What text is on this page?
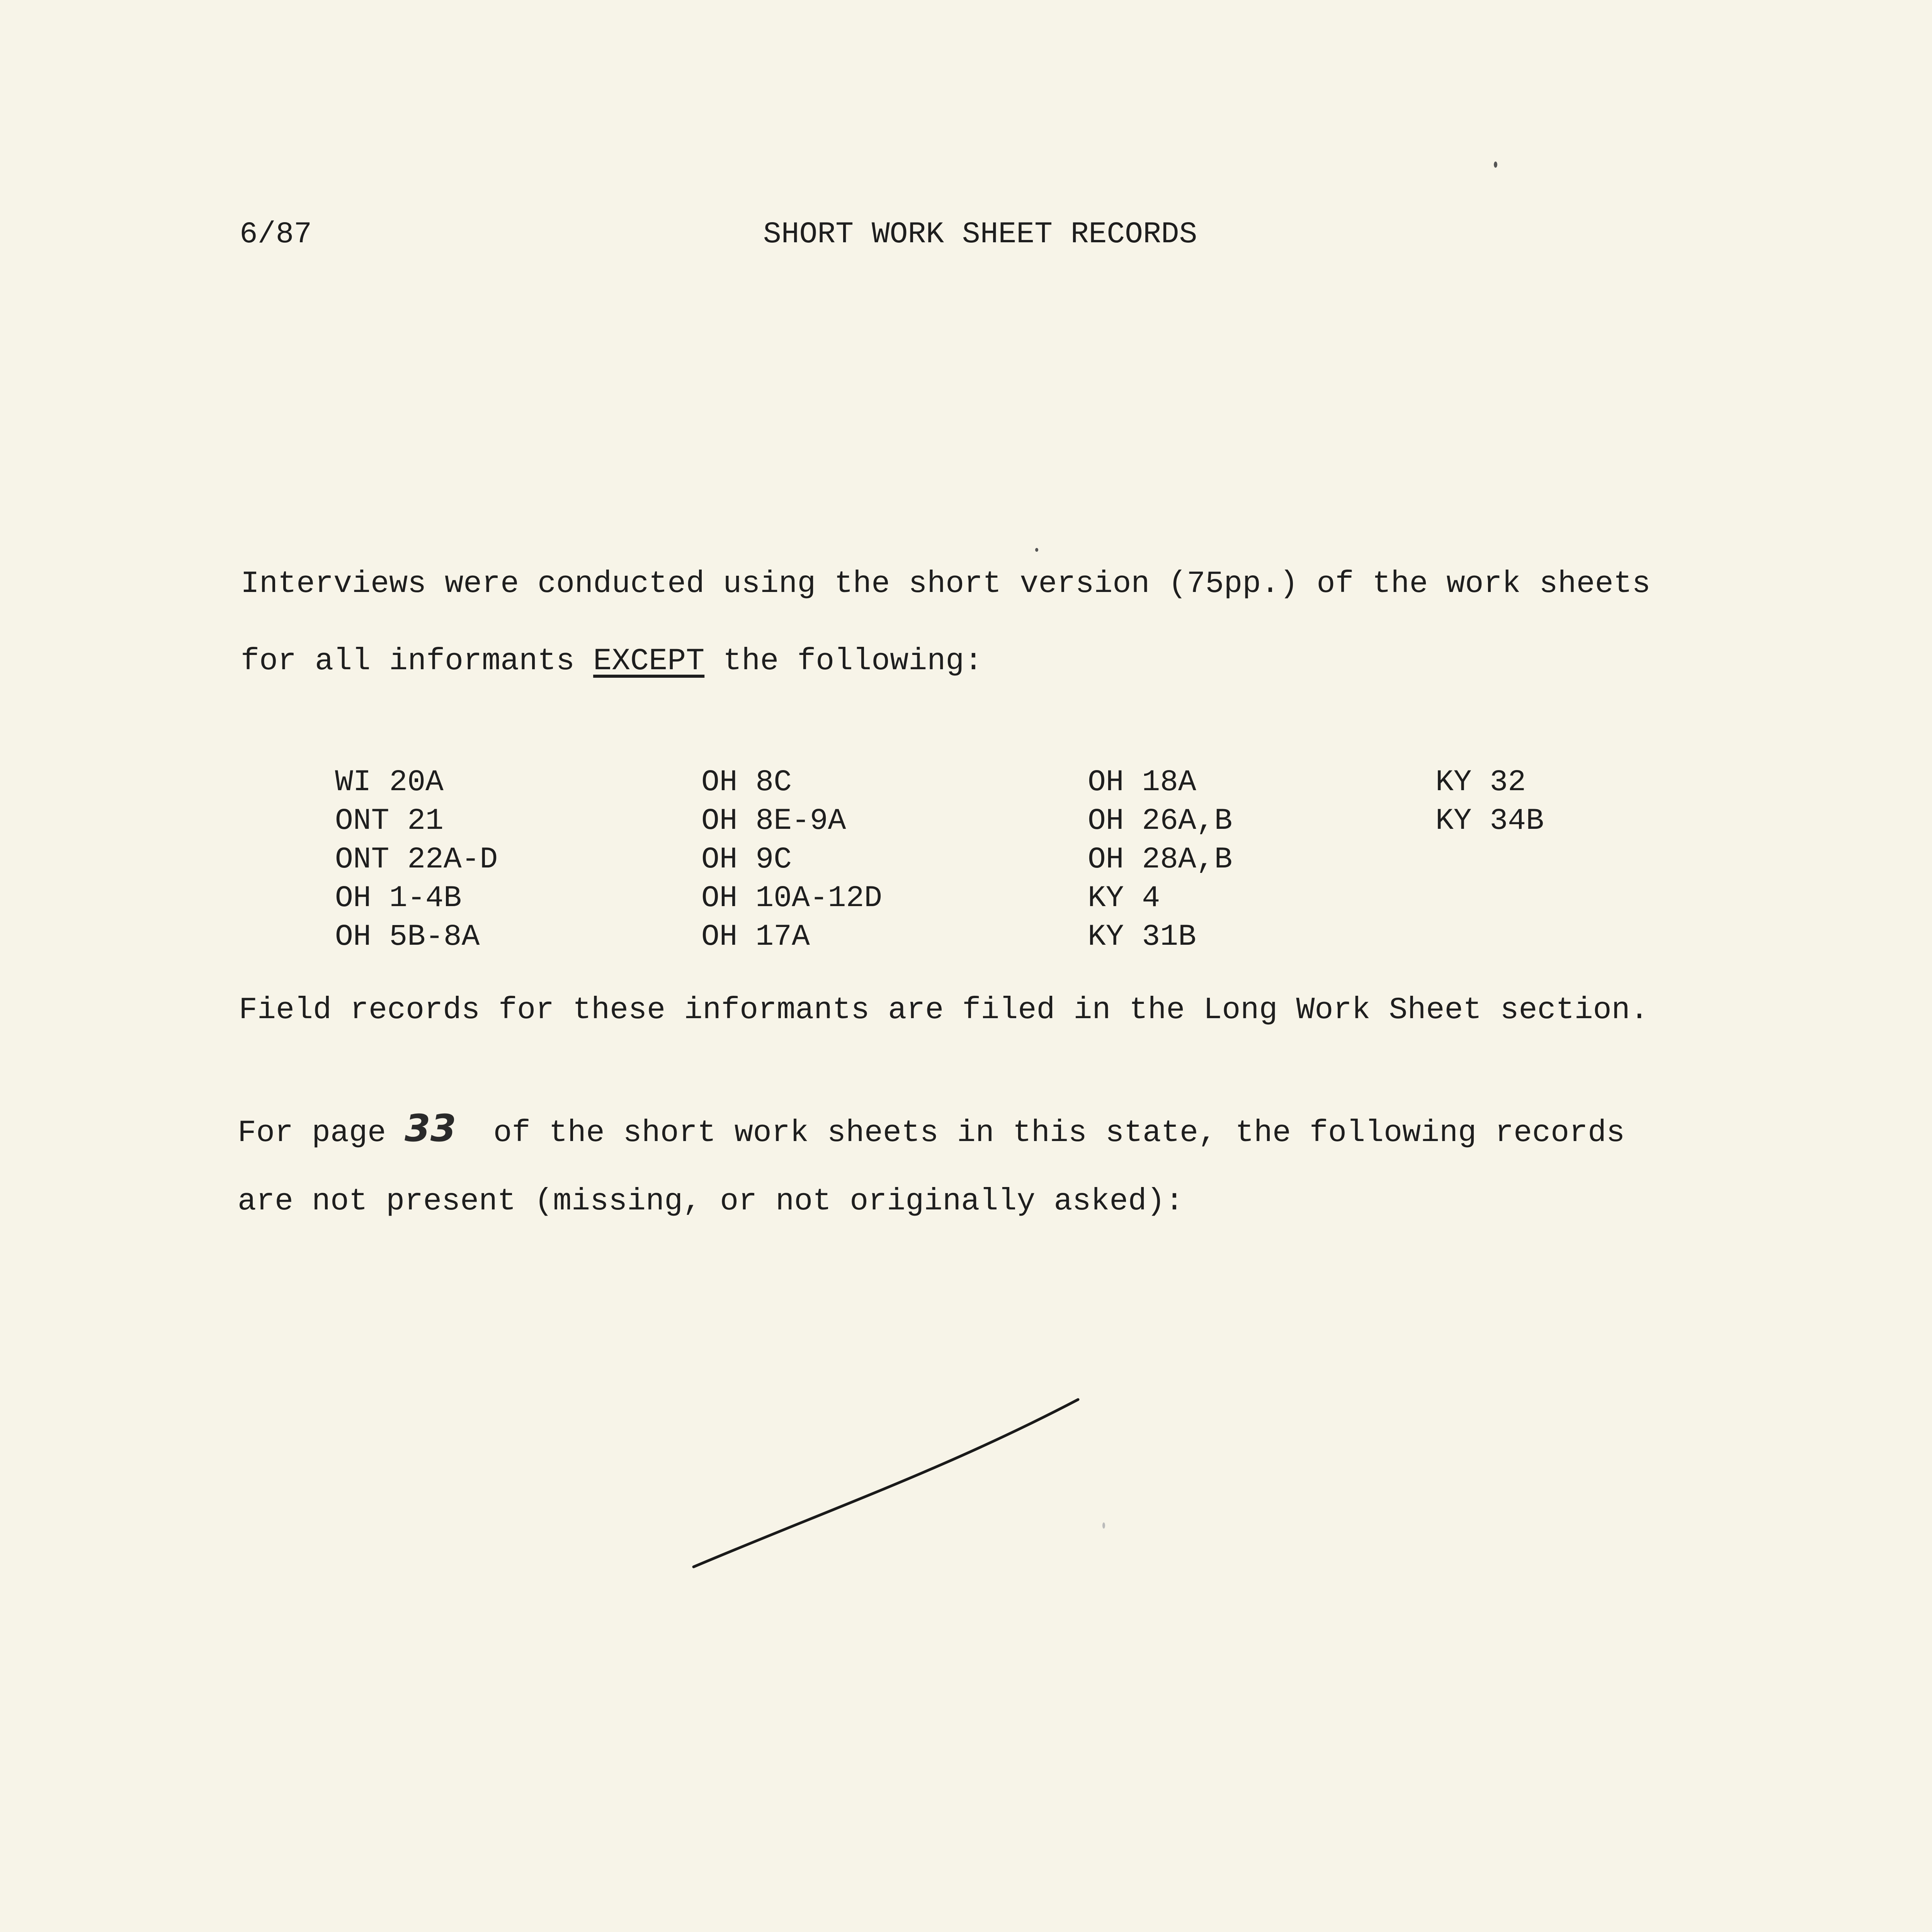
6/87	SHORT WORK SHEET RECORDS
Interviews were conducted using the short version (75pp.) of the work sheets
for all informants EXCEPT the following:
WI 20A
ONT 21
ONT 22A-D
OH 1-4B
OH 5B-8A
OH 8C
OH 8E-9A
OH 9C
OH 10A-12D
OH 17A
OH 18A
OH 26A,B
OH 28A,B
KY 4
KY 31B
KY 32
KY 34B
Field records for these informants are filed in the Long Work Sheet section.
For page 33  of the short work sheets in this state, the following records
are not present (missing, or not originally asked):
